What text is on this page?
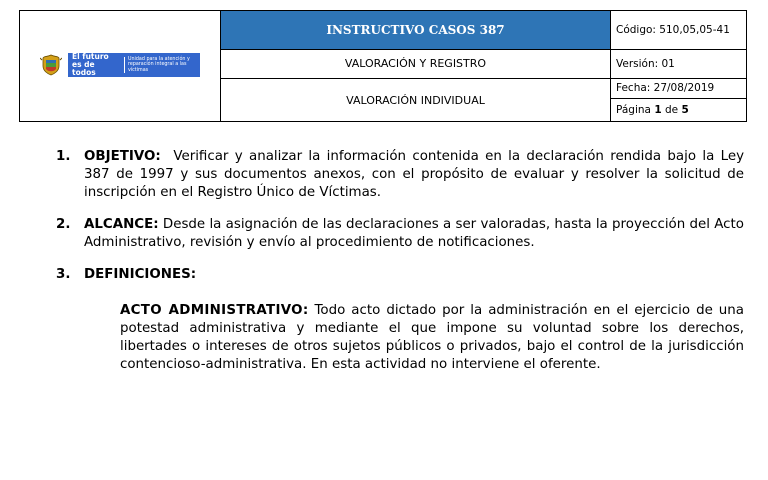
El futuro es de todos
Unidad para la atención y reparación integral a las víctimas	INSTRUCTIVO CASOS 387	Código: 510,05,05-41
	VALORACIÓN Y REGISTRO	Versión: 01
	VALORACIÓN INDIVIDUAL	Fecha: 27/08/2019
		Página 1 de 5
1. OBJETIVO: Verificar y analizar la información contenida en la declaración rendida bajo la Ley 387 de 1997 y sus documentos anexos, con el propósito de evaluar y resolver la solicitud de inscripción en el Registro Único de Víctimas.

2. ALCANCE: Desde la asignación de las declaraciones a ser valoradas, hasta la proyección del Acto Administrativo, revisión y envío al procedimiento de notificaciones.

3. DEFINICIONES:

ACTO ADMINISTRATIVO: Todo acto dictado por la administración en el ejercicio de una potestad administrativa y mediante el que impone su voluntad sobre los derechos, libertades o intereses de otros sujetos públicos o privados, bajo el control de la jurisdicción contencioso-administrativa. En esta actividad no interviene el oferente.
